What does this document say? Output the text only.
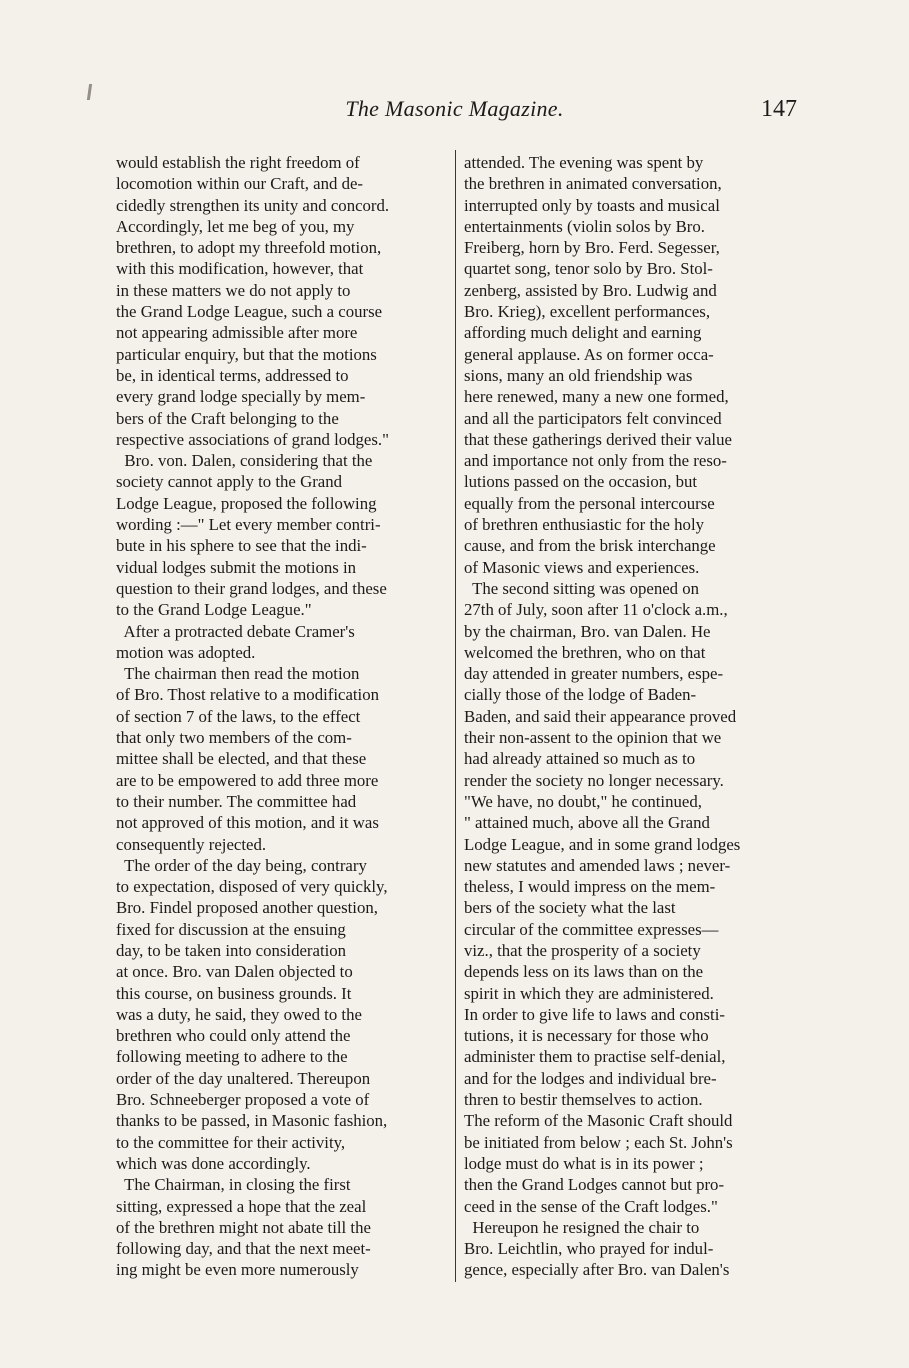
The Masonic Magazine.	147
would establish the right freedom of
locomotion within our Craft, and de-
cidedly strengthen its unity and concord.
Accordingly, let me beg of you, my
brethren, to adopt my threefold motion,
with this modification, however, that
in these matters we do not apply to
the Grand Lodge League, such a course
not appearing admissible after more
particular enquiry, but that the motions
be, in identical terms, addressed to
every grand lodge specially by mem-
bers of the Craft belonging to the
respective associations of grand lodges."
Bro. von. Dalen, considering that the
society cannot apply to the Grand
Lodge League, proposed the following
wording :—" Let every member contri-
bute in his sphere to see that the indi-
vidual lodges submit the motions in
question to their grand lodges, and these
to the Grand Lodge League."
After a protracted debate Cramer's
motion was adopted.
The chairman then read the motion
of Bro. Thost relative to a modification
of section 7 of the laws, to the effect
that only two members of the com-
mittee shall be elected, and that these
are to be empowered to add three more
to their number. The committee had
not approved of this motion, and it was
consequently rejected.
The order of the day being, contrary
to expectation, disposed of very quickly,
Bro. Findel proposed another question,
fixed for discussion at the ensuing
day, to be taken into consideration
at once. Bro. van Dalen objected to
this course, on business grounds. It
was a duty, he said, they owed to the
brethren who could only attend the
following meeting to adhere to the
order of the day unaltered. Thereupon
Bro. Schneeberger proposed a vote of
thanks to be passed, in Masonic fashion,
to the committee for their activity,
which was done accordingly.
The Chairman, in closing the first
sitting, expressed a hope that the zeal
of the brethren might not abate till the
following day, and that the next meet-
ing might be even more numerously
attended. The evening was spent by
the brethren in animated conversation,
interrupted only by toasts and musical
entertainments (violin solos by Bro.
Freiberg, horn by Bro. Ferd. Segesser,
quartet song, tenor solo by Bro. Stol-
zenberg, assisted by Bro. Ludwig and
Bro. Krieg), excellent performances,
affording much delight and earning
general applause. As on former occa-
sions, many an old friendship was
here renewed, many a new one formed,
and all the participators felt convinced
that these gatherings derived their value
and importance not only from the reso-
lutions passed on the occasion, but
equally from the personal intercourse
of brethren enthusiastic for the holy
cause, and from the brisk interchange
of Masonic views and experiences.
The second sitting was opened on
27th of July, soon after 11 o'clock a.m.,
by the chairman, Bro. van Dalen. He
welcomed the brethren, who on that
day attended in greater numbers, espe-
cially those of the lodge of Baden-
Baden, and said their appearance proved
their non-assent to the opinion that we
had already attained so much as to
render the society no longer necessary.
"We have, no doubt," he continued,
" attained much, above all the Grand
Lodge League, and in some grand lodges
new statutes and amended laws ; never-
theless, I would impress on the mem-
bers of the society what the last
circular of the committee expresses—
viz., that the prosperity of a society
depends less on its laws than on the
spirit in which they are administered.
In order to give life to laws and consti-
tutions, it is necessary for those who
administer them to practise self-denial,
and for the lodges and individual bre-
thren to bestir themselves to action.
The reform of the Masonic Craft should
be initiated from below ; each St. John's
lodge must do what is in its power ;
then the Grand Lodges cannot but pro-
ceed in the sense of the Craft lodges."
Hereupon he resigned the chair to
Bro. Leichtlin, who prayed for indul-
gence, especially after Bro. van Dalen's
